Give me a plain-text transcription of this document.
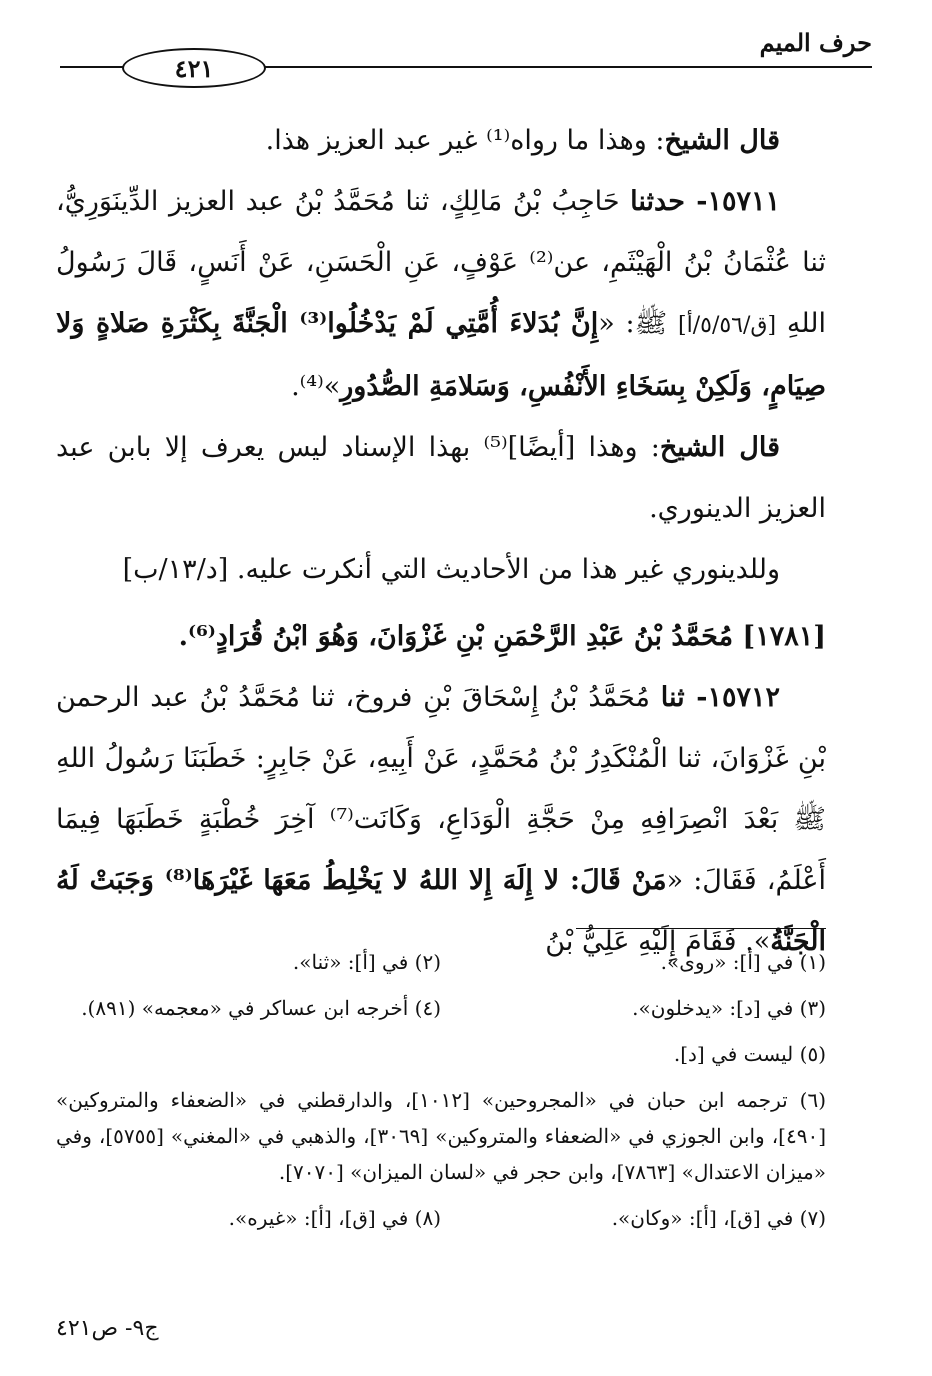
٤٢١
حرف الميم

قال الشيخ: وهذا ما رواه⁽¹⁾ غير عبد العزيز هذا.

١٥٧١١- حدثنا حَاجِبُ بْنُ مَالِكٍ، ثنا مُحَمَّدُ بْنُ عبد العزيز الدِّينَوَرِيُّ، ثنا عُثْمَانُ بْنُ الْهَيْثَمِ، عن⁽²⁾ عَوْفٍ، عَنِ الْحَسَنِ، عَنْ أَنَسٍ، قَالَ رَسُولُ اللهِ [ق/٥/٥٦/أ] ﷺ: «إِنَّ بُدَلاءَ أُمَّتِي لَمْ يَدْخُلُوا⁽³⁾ الْجَنَّةَ بِكَثْرَةِ صَلاةٍ وَلا صِيَامٍ، وَلَكِنْ بِسَخَاءِ الأَنْفُسِ، وَسَلامَةِ الصُّدُورِ»⁽⁴⁾.

قال الشيخ: وهذا [أيضًا]⁽⁵⁾ بهذا الإسناد ليس يعرف إلا بابن عبد العزيز الدينوري.

وللدينوري غير هذا من الأحاديث التي أنكرت عليه. [د/١٣/ب]

[١٧٨١] مُحَمَّدُ بْنُ عَبْدِ الرَّحْمَنِ بْنِ غَزْوَانَ، وَهُوَ ابْنُ قُرَادٍ⁽⁶⁾.

١٥٧١٢- ثنا مُحَمَّدُ بْنُ إِسْحَاقَ بْنِ فروخ، ثنا مُحَمَّدُ بْنُ عبد الرحمن بْنِ غَزْوَانَ، ثنا الْمُنْكَدِرُ بْنُ مُحَمَّدٍ، عَنْ أَبِيهِ، عَنْ جَابِرٍ: خَطَبَنَا رَسُولُ اللهِ ﷺ بَعْدَ انْصِرَافِهِ مِنْ حَجَّةِ الْوَدَاعِ، وَكَانَت⁽⁷⁾ آخِرَ خُطْبَةٍ خَطَبَهَا فِيمَا أَعْلَمُ، فَقَالَ: «مَنْ قَالَ: لا إِلَهَ إِلا اللهُ لا يَخْلِطُ مَعَهَا غَيْرَهَا⁽⁸⁾ وَجَبَتْ لَهُ الْجَنَّةُ». فَقَامَ إِلَيْهِ عَلِيُّ بْنُ

(١) في [أ]: «روى».
(٢) في [أ]: «ثنا».
(٣) في [د]: «يدخلون».
(٤) أخرجه ابن عساكر في «معجمه» (٨٩١).
(٥) ليست في [د].
(٦) ترجمه ابن حبان في «المجروحين» [١٠١٢]، والدارقطني في «الضعفاء والمتروكين» [٤٩٠]، وابن الجوزي في «الضعفاء والمتروكين» [٣٠٦٩]، والذهبي في «المغني» [٥٧٥٥]، وفي «ميزان الاعتدال» [٧٨٦٣]، وابن حجر في «لسان الميزان» [٧٠٧٠].
(٧) في [ق]، [أ]: «وكان».
(٨) في [ق]، [أ]: «غيره».
ج٩- ص٤٢١
